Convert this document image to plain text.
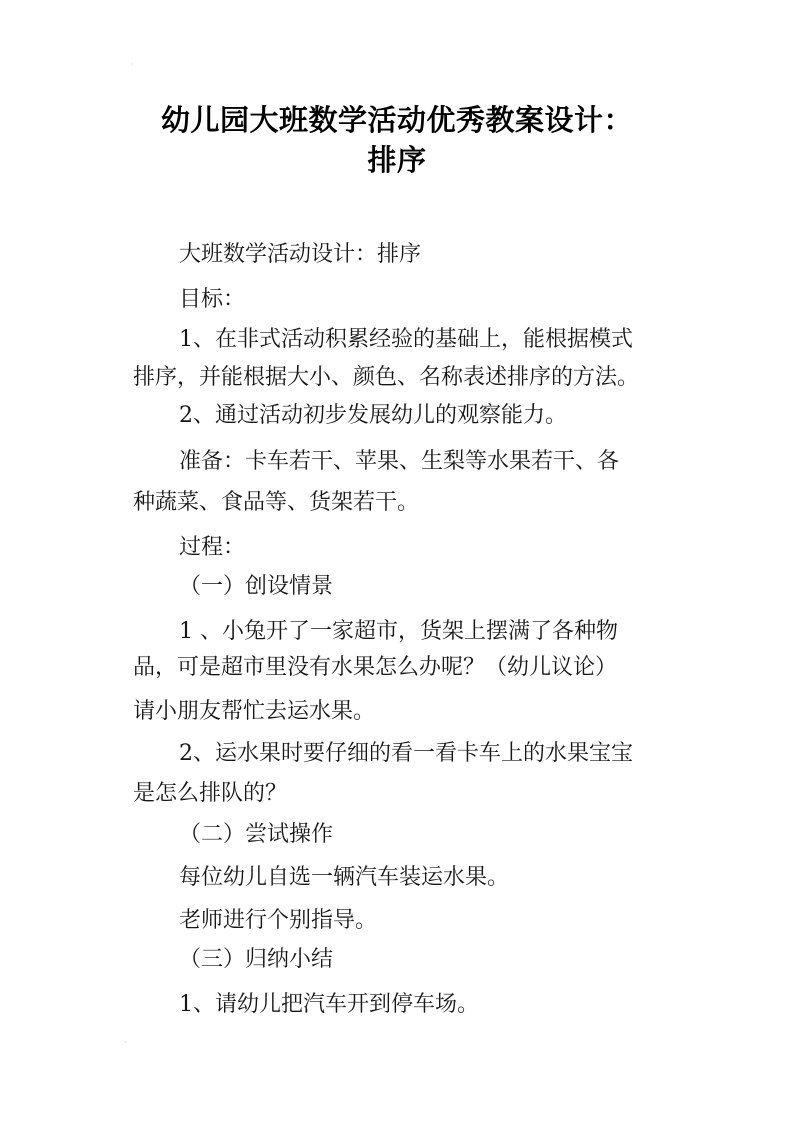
幼儿园大班数学活动优秀教案设计：
排序

大班数学活动设计：排序

目标：

1、在非式活动积累经验的基础上，能根据模式

排序，并能根据大小、颜色、名称表述排序的方法。

2、通过活动初步发展幼儿的观察能力。

准备：卡车若干、苹果、生梨等水果若干、各

种蔬菜、食品等、货架若干。

过程：

（一）创设情景

1 、小兔开了一家超市，货架上摆满了各种物

品，可是超市里没有水果怎么办呢？（幼儿议论）

请小朋友帮忙去运水果。

2、运水果时要仔细的看一看卡车上的水果宝宝

是怎么排队的？

（二）尝试操作

每位幼儿自选一辆汽车装运水果。

老师进行个别指导。

（三）归纳小结

1、请幼儿把汽车开到停车场。

·
·
